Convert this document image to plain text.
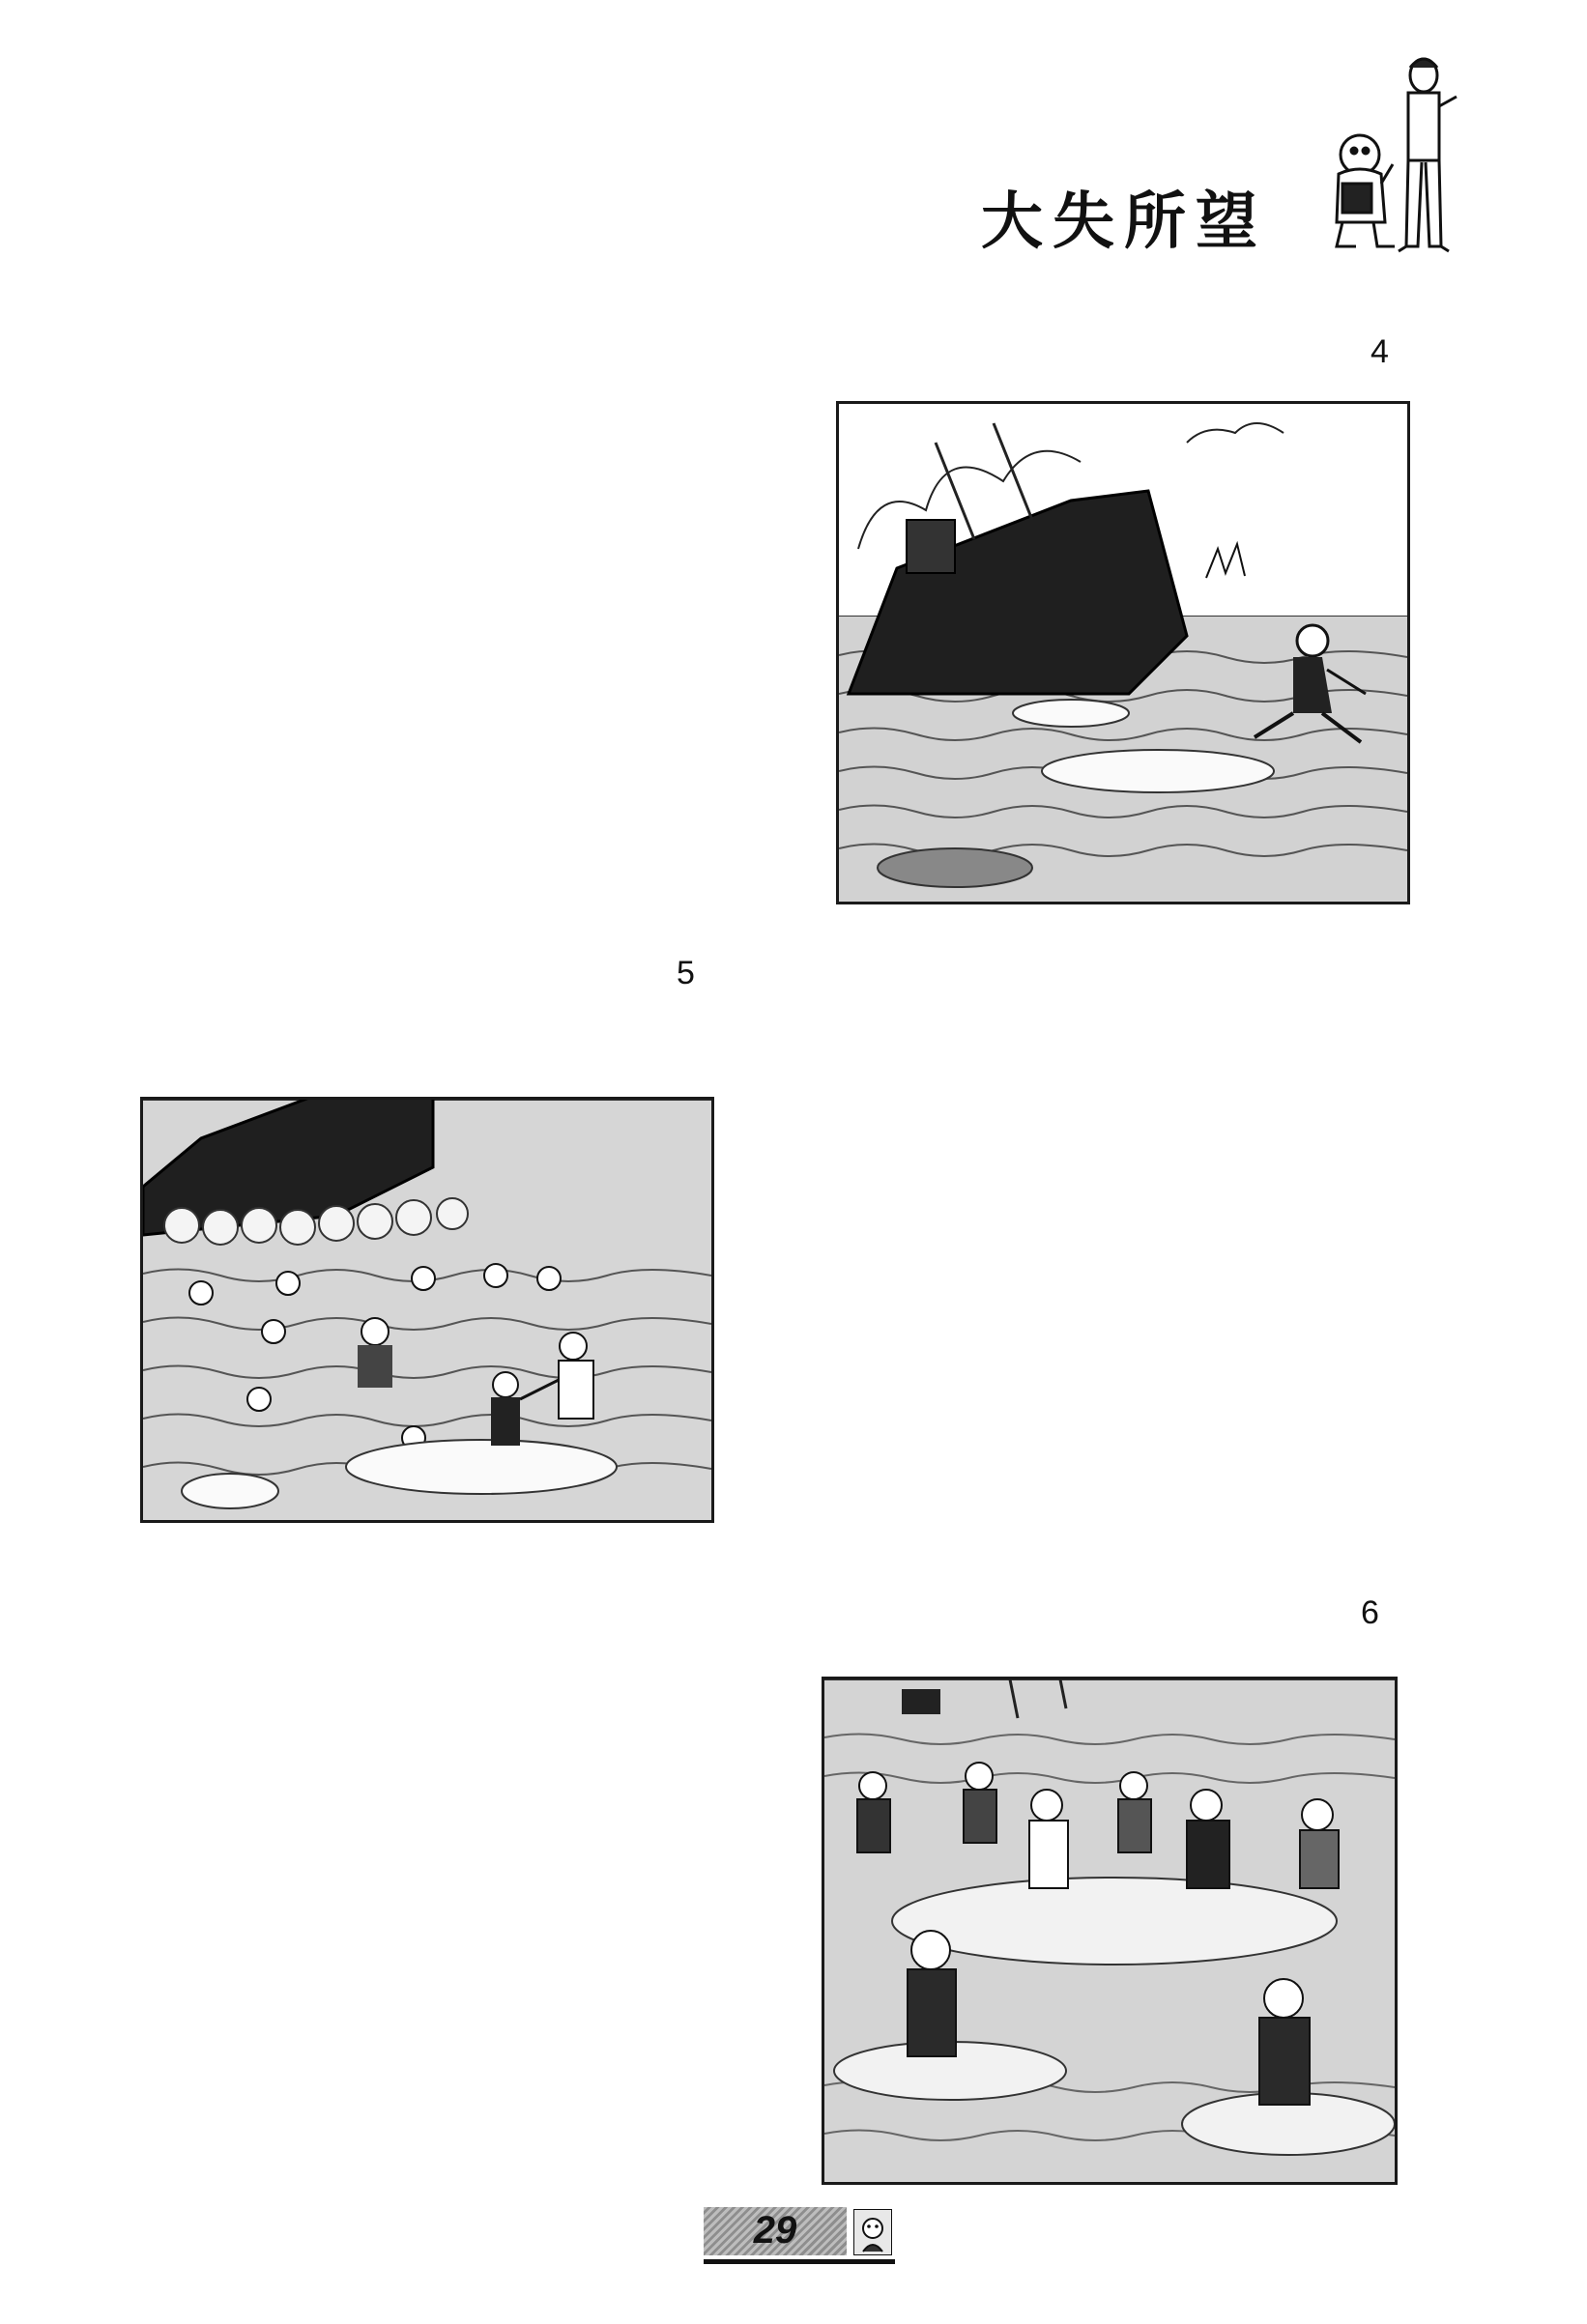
大失所望
4
5
6
29
